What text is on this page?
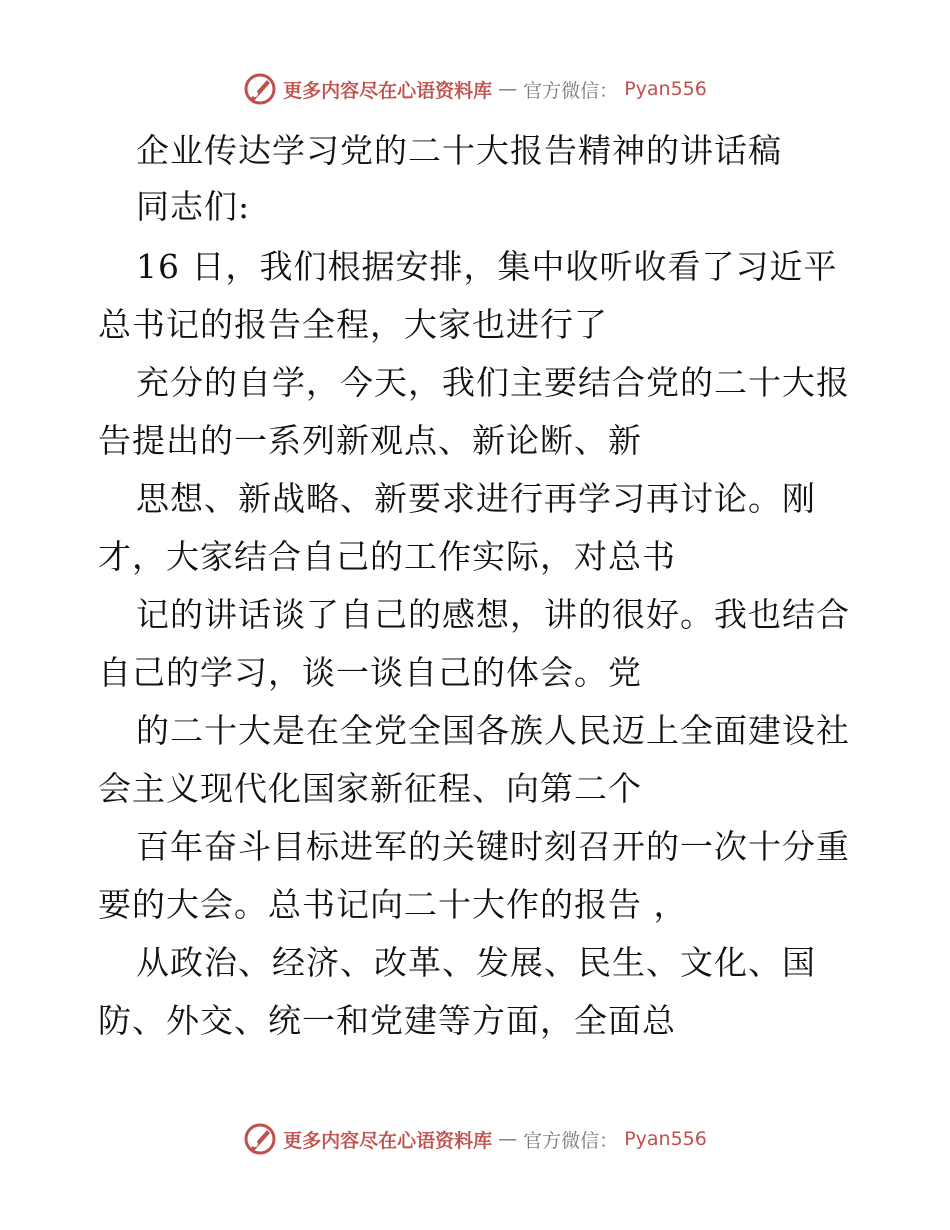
更多内容尽在心语资料库 — 官方微信： Pyan556
企业传达学习党的二十大报告精神的讲话稿
同志们:
16 日，我们根据安排，集中收听收看了习近平
总书记的报告全程，大家也进行了
充分的自学，今天，我们主要结合党的二十大报
告提出的一系列新观点、新论断、新
思想、新战略、新要求进行再学习再讨论。刚
才，大家结合自己的工作实际，对总书
记的讲话谈了自己的感想，讲的很好。我也结合
自己的学习，谈一谈自己的体会。党
的二十大是在全党全国各族人民迈上全面建设社
会主义现代化国家新征程、向第二个
百年奋斗目标进军的关键时刻召开的一次十分重
要的大会。总书记向二十大作的报告 ，
从政治、经济、改革、发展、民生、文化、国
防、外交、统一和党建等方面，全面总
更多内容尽在心语资料库 — 官方微信： Pyan556
